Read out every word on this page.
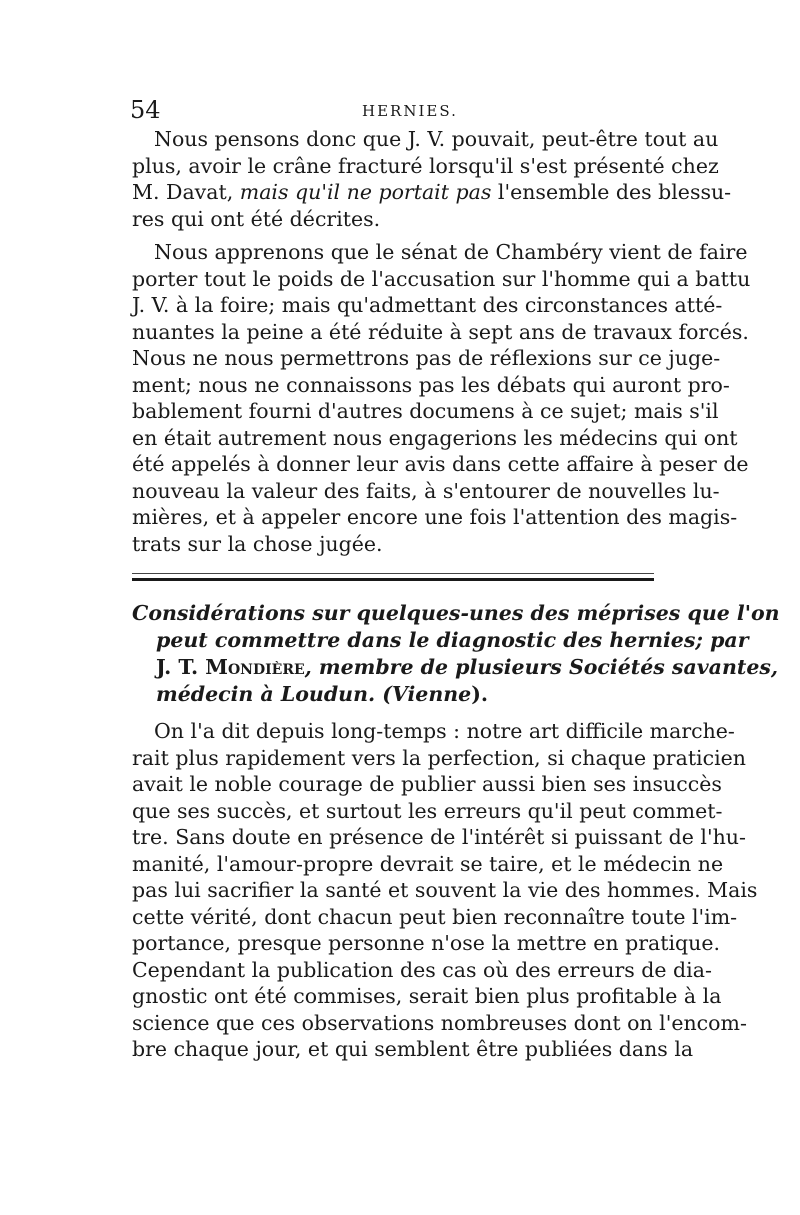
54	HERNIES.
Nous pensons donc que J. V. pouvait, peut-être tout au
plus, avoir le crâne fracturé lorsqu'il s'est présenté chez
M. Davat, mais qu'il ne portait pas l'ensemble des blessu-
res qui ont été décrites.
Nous apprenons que le sénat de Chambéry vient de faire
porter tout le poids de l'accusation sur l'homme qui a battu
J. V. à la foire; mais qu'admettant des circonstances atté-
nuantes la peine a été réduite à sept ans de travaux forcés.
Nous ne nous permettrons pas de réflexions sur ce juge-
ment; nous ne connaissons pas les débats qui auront pro-
bablement fourni d'autres documens à ce sujet; mais s'il
en était autrement nous engagerions les médecins qui ont
été appelés à donner leur avis dans cette affaire à peser de
nouveau la valeur des faits, à s'entourer de nouvelles lu-
mières, et à appeler encore une fois l'attention des magis-
trats sur la chose jugée.
Considérations sur quelques-unes des méprises que l'on
peut commettre dans le diagnostic des hernies; par
J. T. Mondière, membre de plusieurs Sociétés savantes,
médecin à Loudun. (Vienne).
On l'a dit depuis long-temps : notre art difficile marche-
rait plus rapidement vers la perfection, si chaque praticien
avait le noble courage de publier aussi bien ses insuccès
que ses succès, et surtout les erreurs qu'il peut commet-
tre. Sans doute en présence de l'intérêt si puissant de l'hu-
manité, l'amour-propre devrait se taire, et le médecin ne
pas lui sacrifier la santé et souvent la vie des hommes. Mais
cette vérité, dont chacun peut bien reconnaître toute l'im-
portance, presque personne n'ose la mettre en pratique.
Cependant la publication des cas où des erreurs de dia-
gnostic ont été commises, serait bien plus profitable à la
science que ces observations nombreuses dont on l'encom-
bre chaque jour, et qui semblent être publiées dans la
